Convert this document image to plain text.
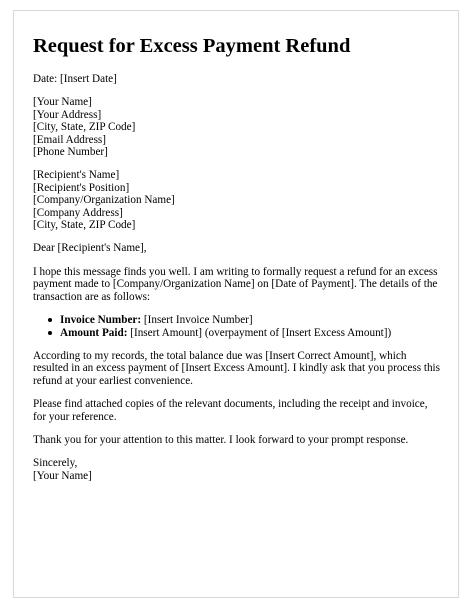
Request for Excess Payment Refund
Date: [Insert Date]
[Your Name]
[Your Address]
[City, State, ZIP Code]
[Email Address]
[Phone Number]
[Recipient's Name]
[Recipient's Position]
[Company/Organization Name]
[Company Address]
[City, State, ZIP Code]
Dear [Recipient's Name],
I hope this message finds you well. I am writing to formally request a refund for an excess
payment made to [Company/Organization Name] on [Date of Payment]. The details of the
transaction are as follows:
Invoice Number: [Insert Invoice Number]
Amount Paid: [Insert Amount] (overpayment of [Insert Excess Amount])
According to my records, the total balance due was [Insert Correct Amount], which
resulted in an excess payment of [Insert Excess Amount]. I kindly ask that you process this
refund at your earliest convenience.
Please find attached copies of the relevant documents, including the receipt and invoice,
for your reference.
Thank you for your attention to this matter. I look forward to your prompt response.
Sincerely,
[Your Name]
